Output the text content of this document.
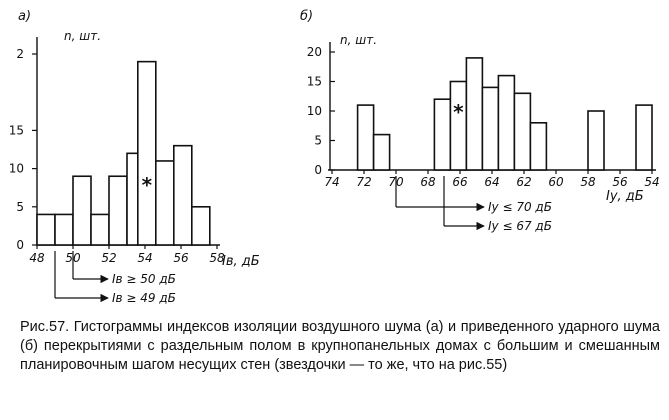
а)
n, шт.
0
5
10
15
2
48 50 52 54 56 58
*
Iв, дБ
Iв ≥ 49 дБ
Iв ≥ 50 дБ
б)
n, шт.
0
5
10
15
20
74 72 70 68 66 64 62 60 58 56 54
*
Iу, дБ
Iу ≤ 67 дБ
Iу ≤ 70 дБ

Рис.57. Гистограммы индексов изоляции воздушного шума (а) и приведенного ударного шума (б) перекрытиями с раздельным полом в крупнопанельных домах с большим и смешанным планировочным шагом несущих стен (звездочки — то же, что на рис.55)
